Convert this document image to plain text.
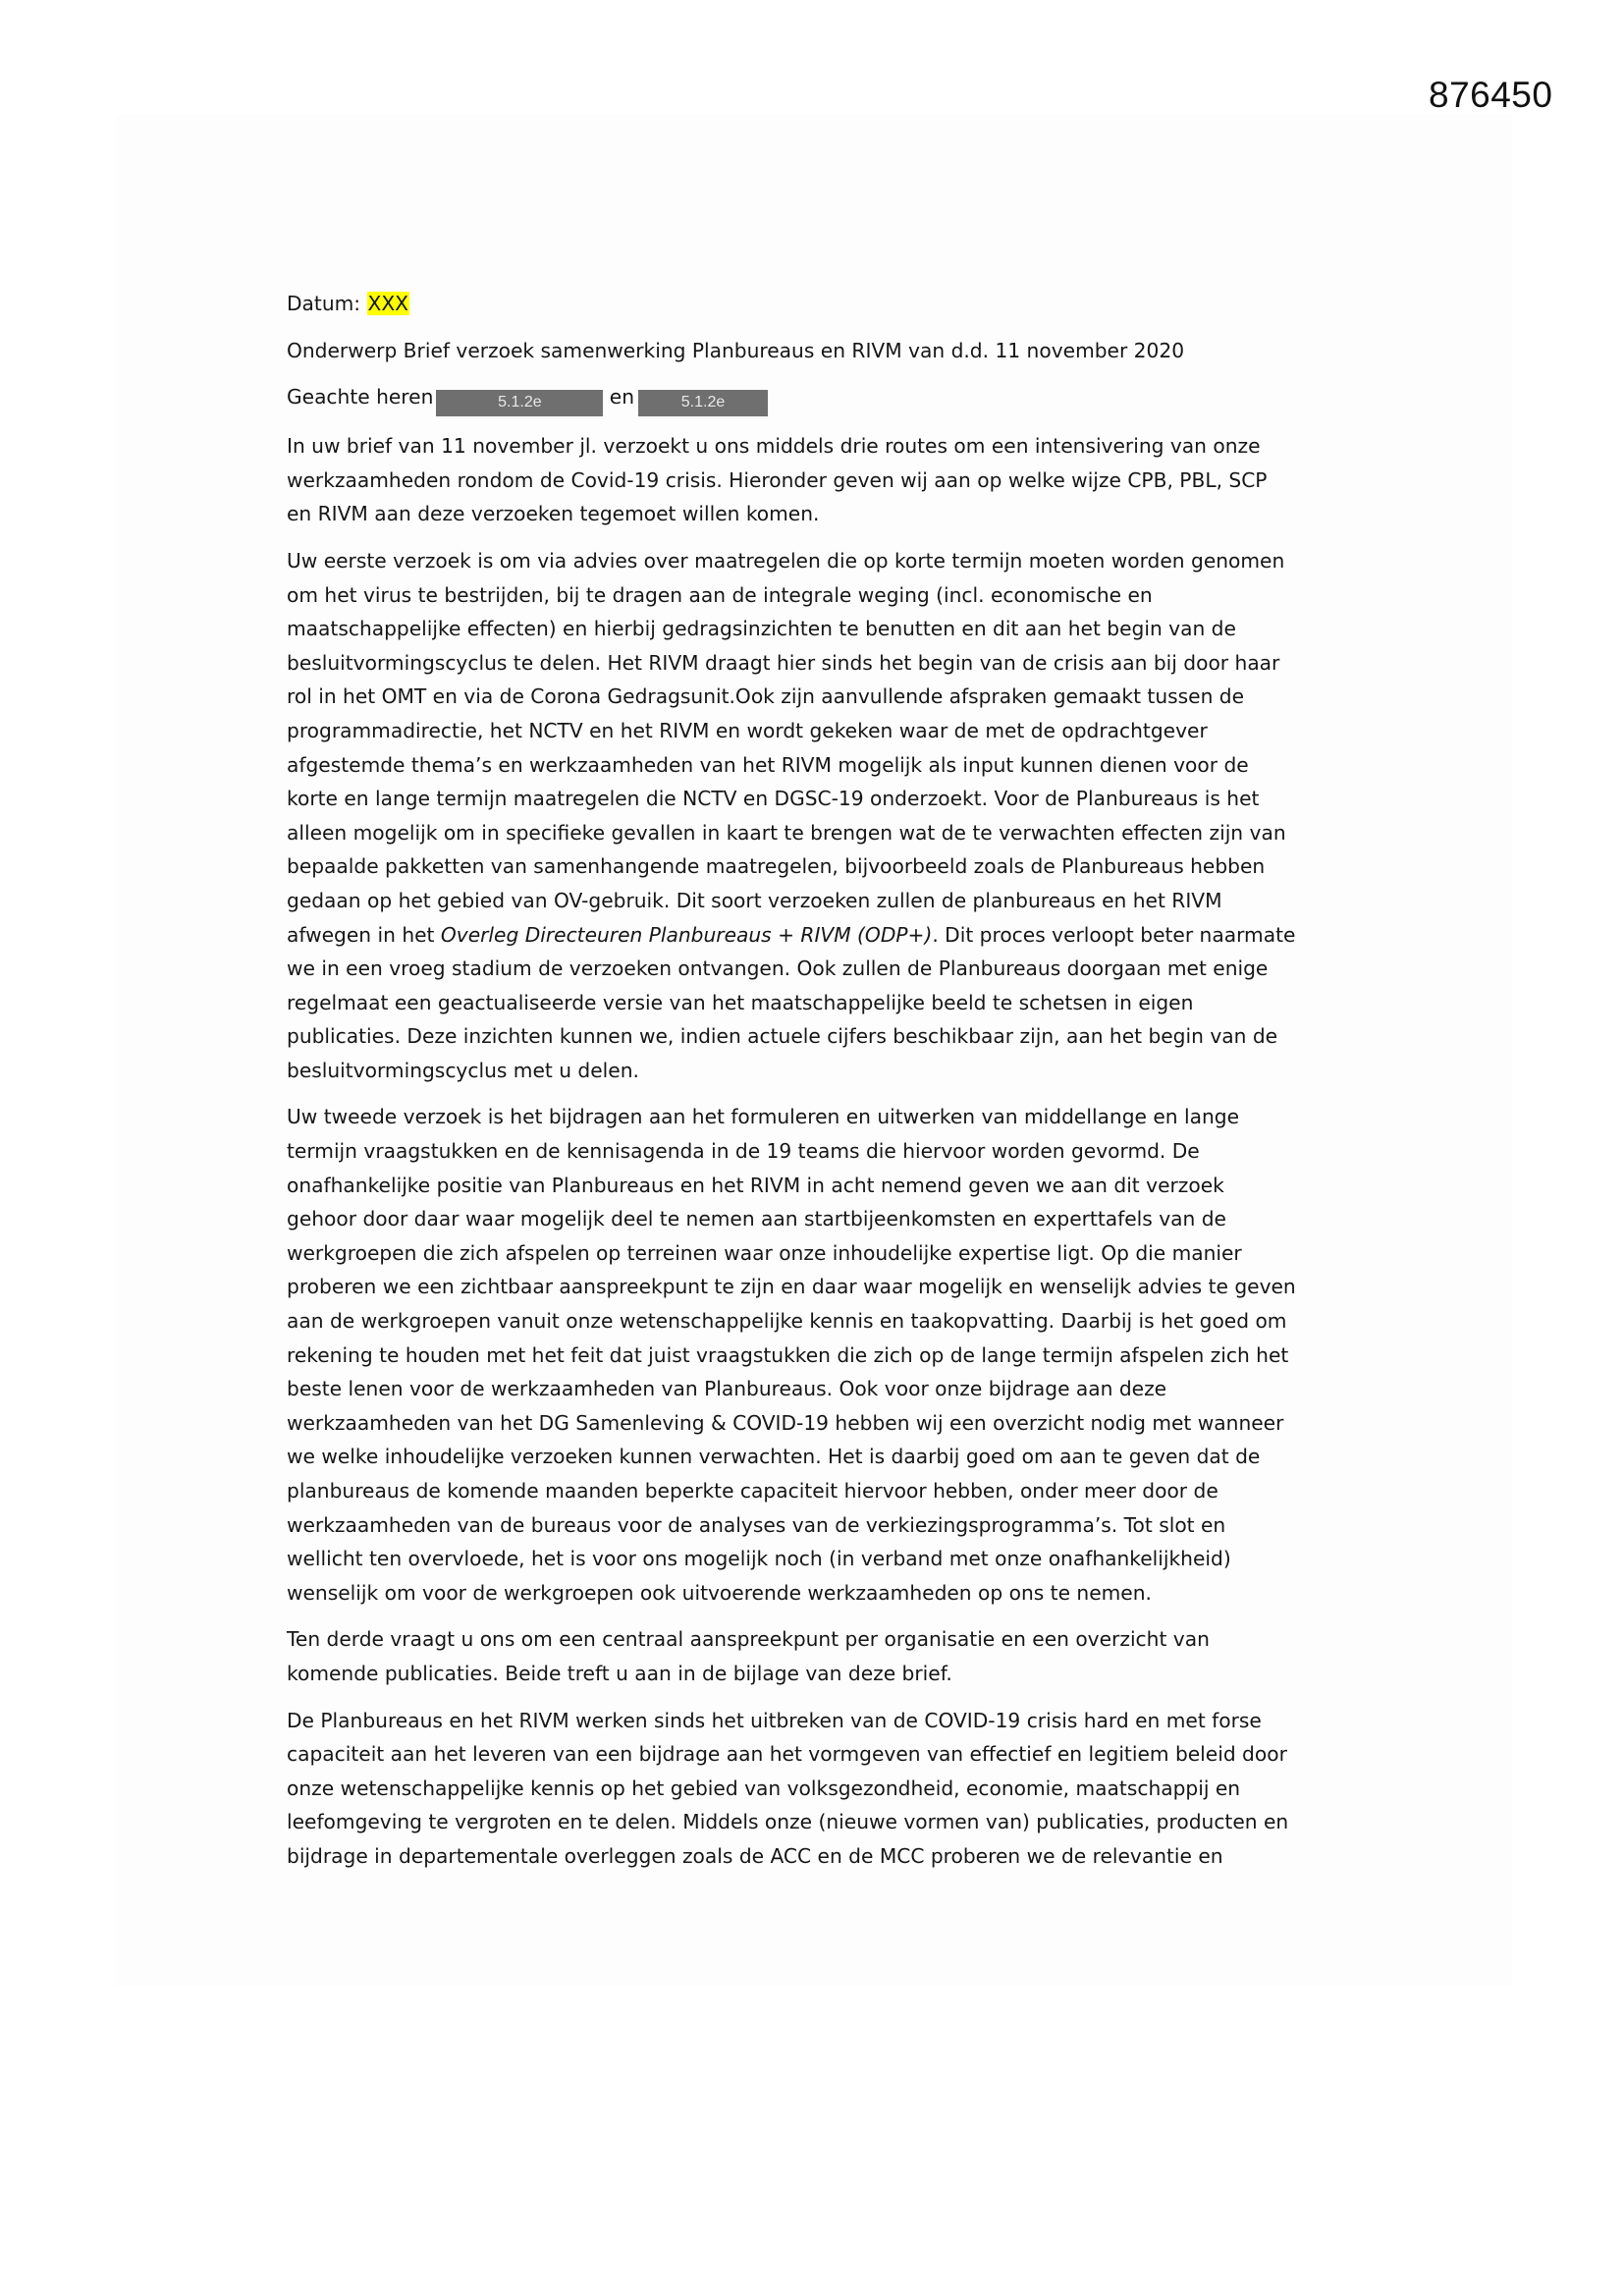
876450
Datum: XXX
Onderwerp Brief verzoek samenwerking Planbureaus en RIVM van d.d. 11 november 2020
Geachte heren	5.1.2e	en	5.1.2e
In uw brief van 11 november jl. verzoekt u ons middels drie routes om een intensivering van onze
werkzaamheden rondom de Covid-19 crisis. Hieronder geven wij aan op welke wijze CPB, PBL, SCP
en RIVM aan deze verzoeken tegemoet willen komen.
Uw eerste verzoek is om via advies over maatregelen die op korte termijn moeten worden genomen
om het virus te bestrijden, bij te dragen aan de integrale weging (incl. economische en
maatschappelijke effecten) en hierbij gedragsinzichten te benutten en dit aan het begin van de
besluitvormingscyclus te delen. Het RIVM draagt hier sinds het begin van de crisis aan bij door haar
rol in het OMT en via de Corona Gedragsunit.Ook zijn aanvullende afspraken gemaakt tussen de
programmadirectie, het NCTV en het RIVM en wordt gekeken waar de met de opdrachtgever
afgestemde thema’s en werkzaamheden van het RIVM mogelijk als input kunnen dienen voor de
korte en lange termijn maatregelen die NCTV en DGSC-19 onderzoekt. Voor de Planbureaus is het
alleen mogelijk om in specifieke gevallen in kaart te brengen wat de te verwachten effecten zijn van
bepaalde pakketten van samenhangende maatregelen, bijvoorbeeld zoals de Planbureaus hebben
gedaan op het gebied van OV-gebruik. Dit soort verzoeken zullen de planbureaus en het RIVM
afwegen in het Overleg Directeuren Planbureaus + RIVM (ODP+). Dit proces verloopt beter naarmate
we in een vroeg stadium de verzoeken ontvangen. Ook zullen de Planbureaus doorgaan met enige
regelmaat een geactualiseerde versie van het maatschappelijke beeld te schetsen in eigen
publicaties. Deze inzichten kunnen we, indien actuele cijfers beschikbaar zijn, aan het begin van de
besluitvormingscyclus met u delen.
Uw tweede verzoek is het bijdragen aan het formuleren en uitwerken van middellange en lange
termijn vraagstukken en de kennisagenda in de 19 teams die hiervoor worden gevormd. De
onafhankelijke positie van Planbureaus en het RIVM in acht nemend geven we aan dit verzoek
gehoor door daar waar mogelijk deel te nemen aan startbijeenkomsten en experttafels van de
werkgroepen die zich afspelen op terreinen waar onze inhoudelijke expertise ligt. Op die manier
proberen we een zichtbaar aanspreekpunt te zijn en daar waar mogelijk en wenselijk advies te geven
aan de werkgroepen vanuit onze wetenschappelijke kennis en taakopvatting. Daarbij is het goed om
rekening te houden met het feit dat juist vraagstukken die zich op de lange termijn afspelen zich het
beste lenen voor de werkzaamheden van Planbureaus. Ook voor onze bijdrage aan deze
werkzaamheden van het DG Samenleving & COVID-19 hebben wij een overzicht nodig met wanneer
we welke inhoudelijke verzoeken kunnen verwachten. Het is daarbij goed om aan te geven dat de
planbureaus de komende maanden beperkte capaciteit hiervoor hebben, onder meer door de
werkzaamheden van de bureaus voor de analyses van de verkiezingsprogramma’s. Tot slot en
wellicht ten overvloede, het is voor ons mogelijk noch (in verband met onze onafhankelijkheid)
wenselijk om voor de werkgroepen ook uitvoerende werkzaamheden op ons te nemen.
Ten derde vraagt u ons om een centraal aanspreekpunt per organisatie en een overzicht van
komende publicaties. Beide treft u aan in de bijlage van deze brief.
De Planbureaus en het RIVM werken sinds het uitbreken van de COVID-19 crisis hard en met forse
capaciteit aan het leveren van een bijdrage aan het vormgeven van effectief en legitiem beleid door
onze wetenschappelijke kennis op het gebied van volksgezondheid, economie, maatschappij en
leefomgeving te vergroten en te delen. Middels onze (nieuwe vormen van) publicaties, producten en
bijdrage in departementale overleggen zoals de ACC en de MCC proberen we de relevantie en
